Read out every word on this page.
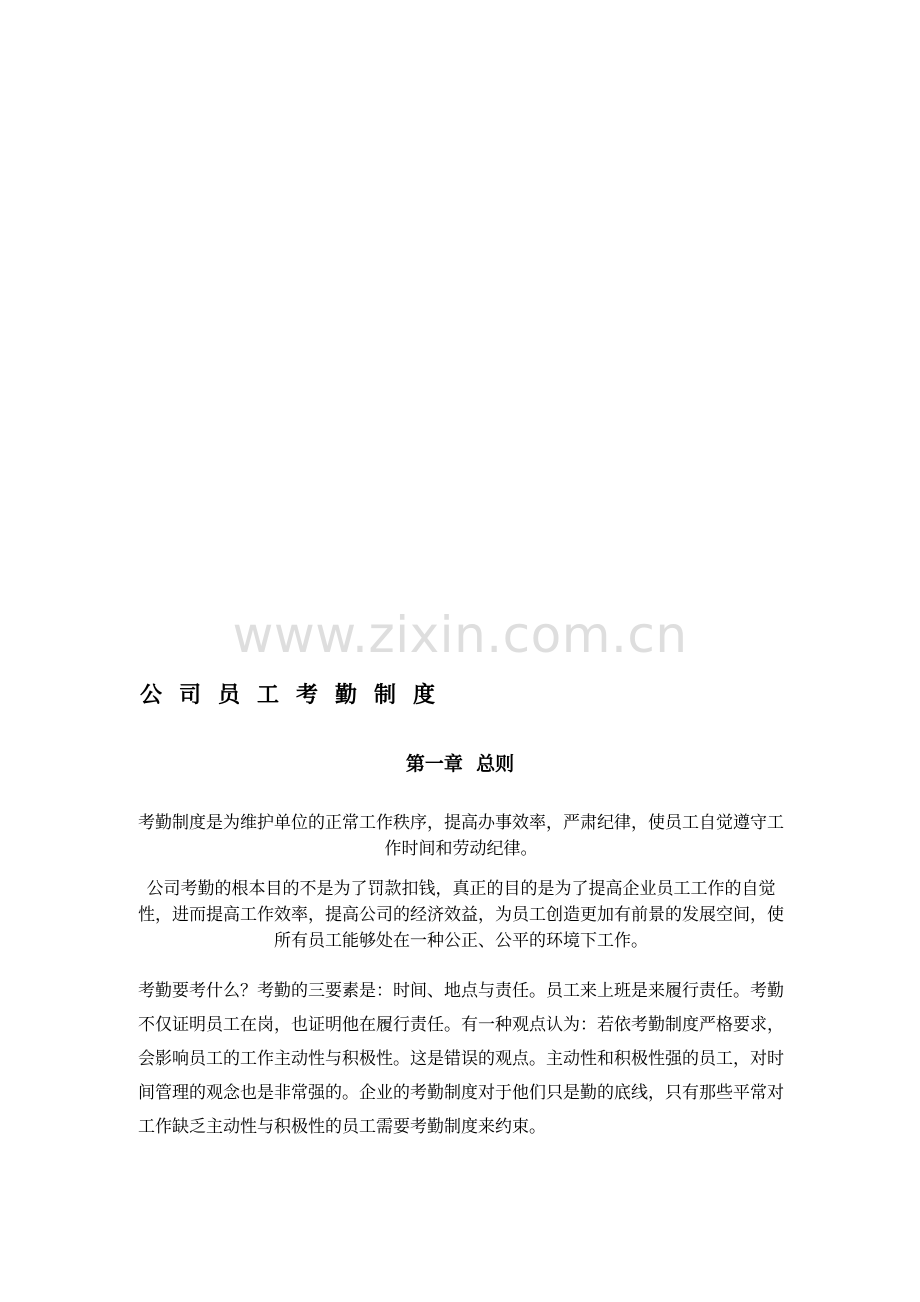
www.zixin.com.cn
公司员工考勤制度
第一章  总则
考勤制度是为维护单位的正常工作秩序，提高办事效率，严肃纪律，使员工自觉遵守工作时间和劳动纪律。
公司考勤的根本目的不是为了罚款扣钱，真正的目的是为了提高企业员工工作的自觉性，进而提高工作效率，提高公司的经济效益，为员工创造更加有前景的发展空间，使所有员工能够处在一种公正、公平的环境下工作。
考勤要考什么？考勤的三要素是：时间、地点与责任。员工来上班是来履行责任。考勤不仅证明员工在岗，也证明他在履行责任。有一种观点认为：若依考勤制度严格要求，会影响员工的工作主动性与积极性。这是错误的观点。主动性和积极性强的员工，对时间管理的观念也是非常强的。企业的考勤制度对于他们只是勤的底线，只有那些平常对工作缺乏主动性与积极性的员工需要考勤制度来约束。
